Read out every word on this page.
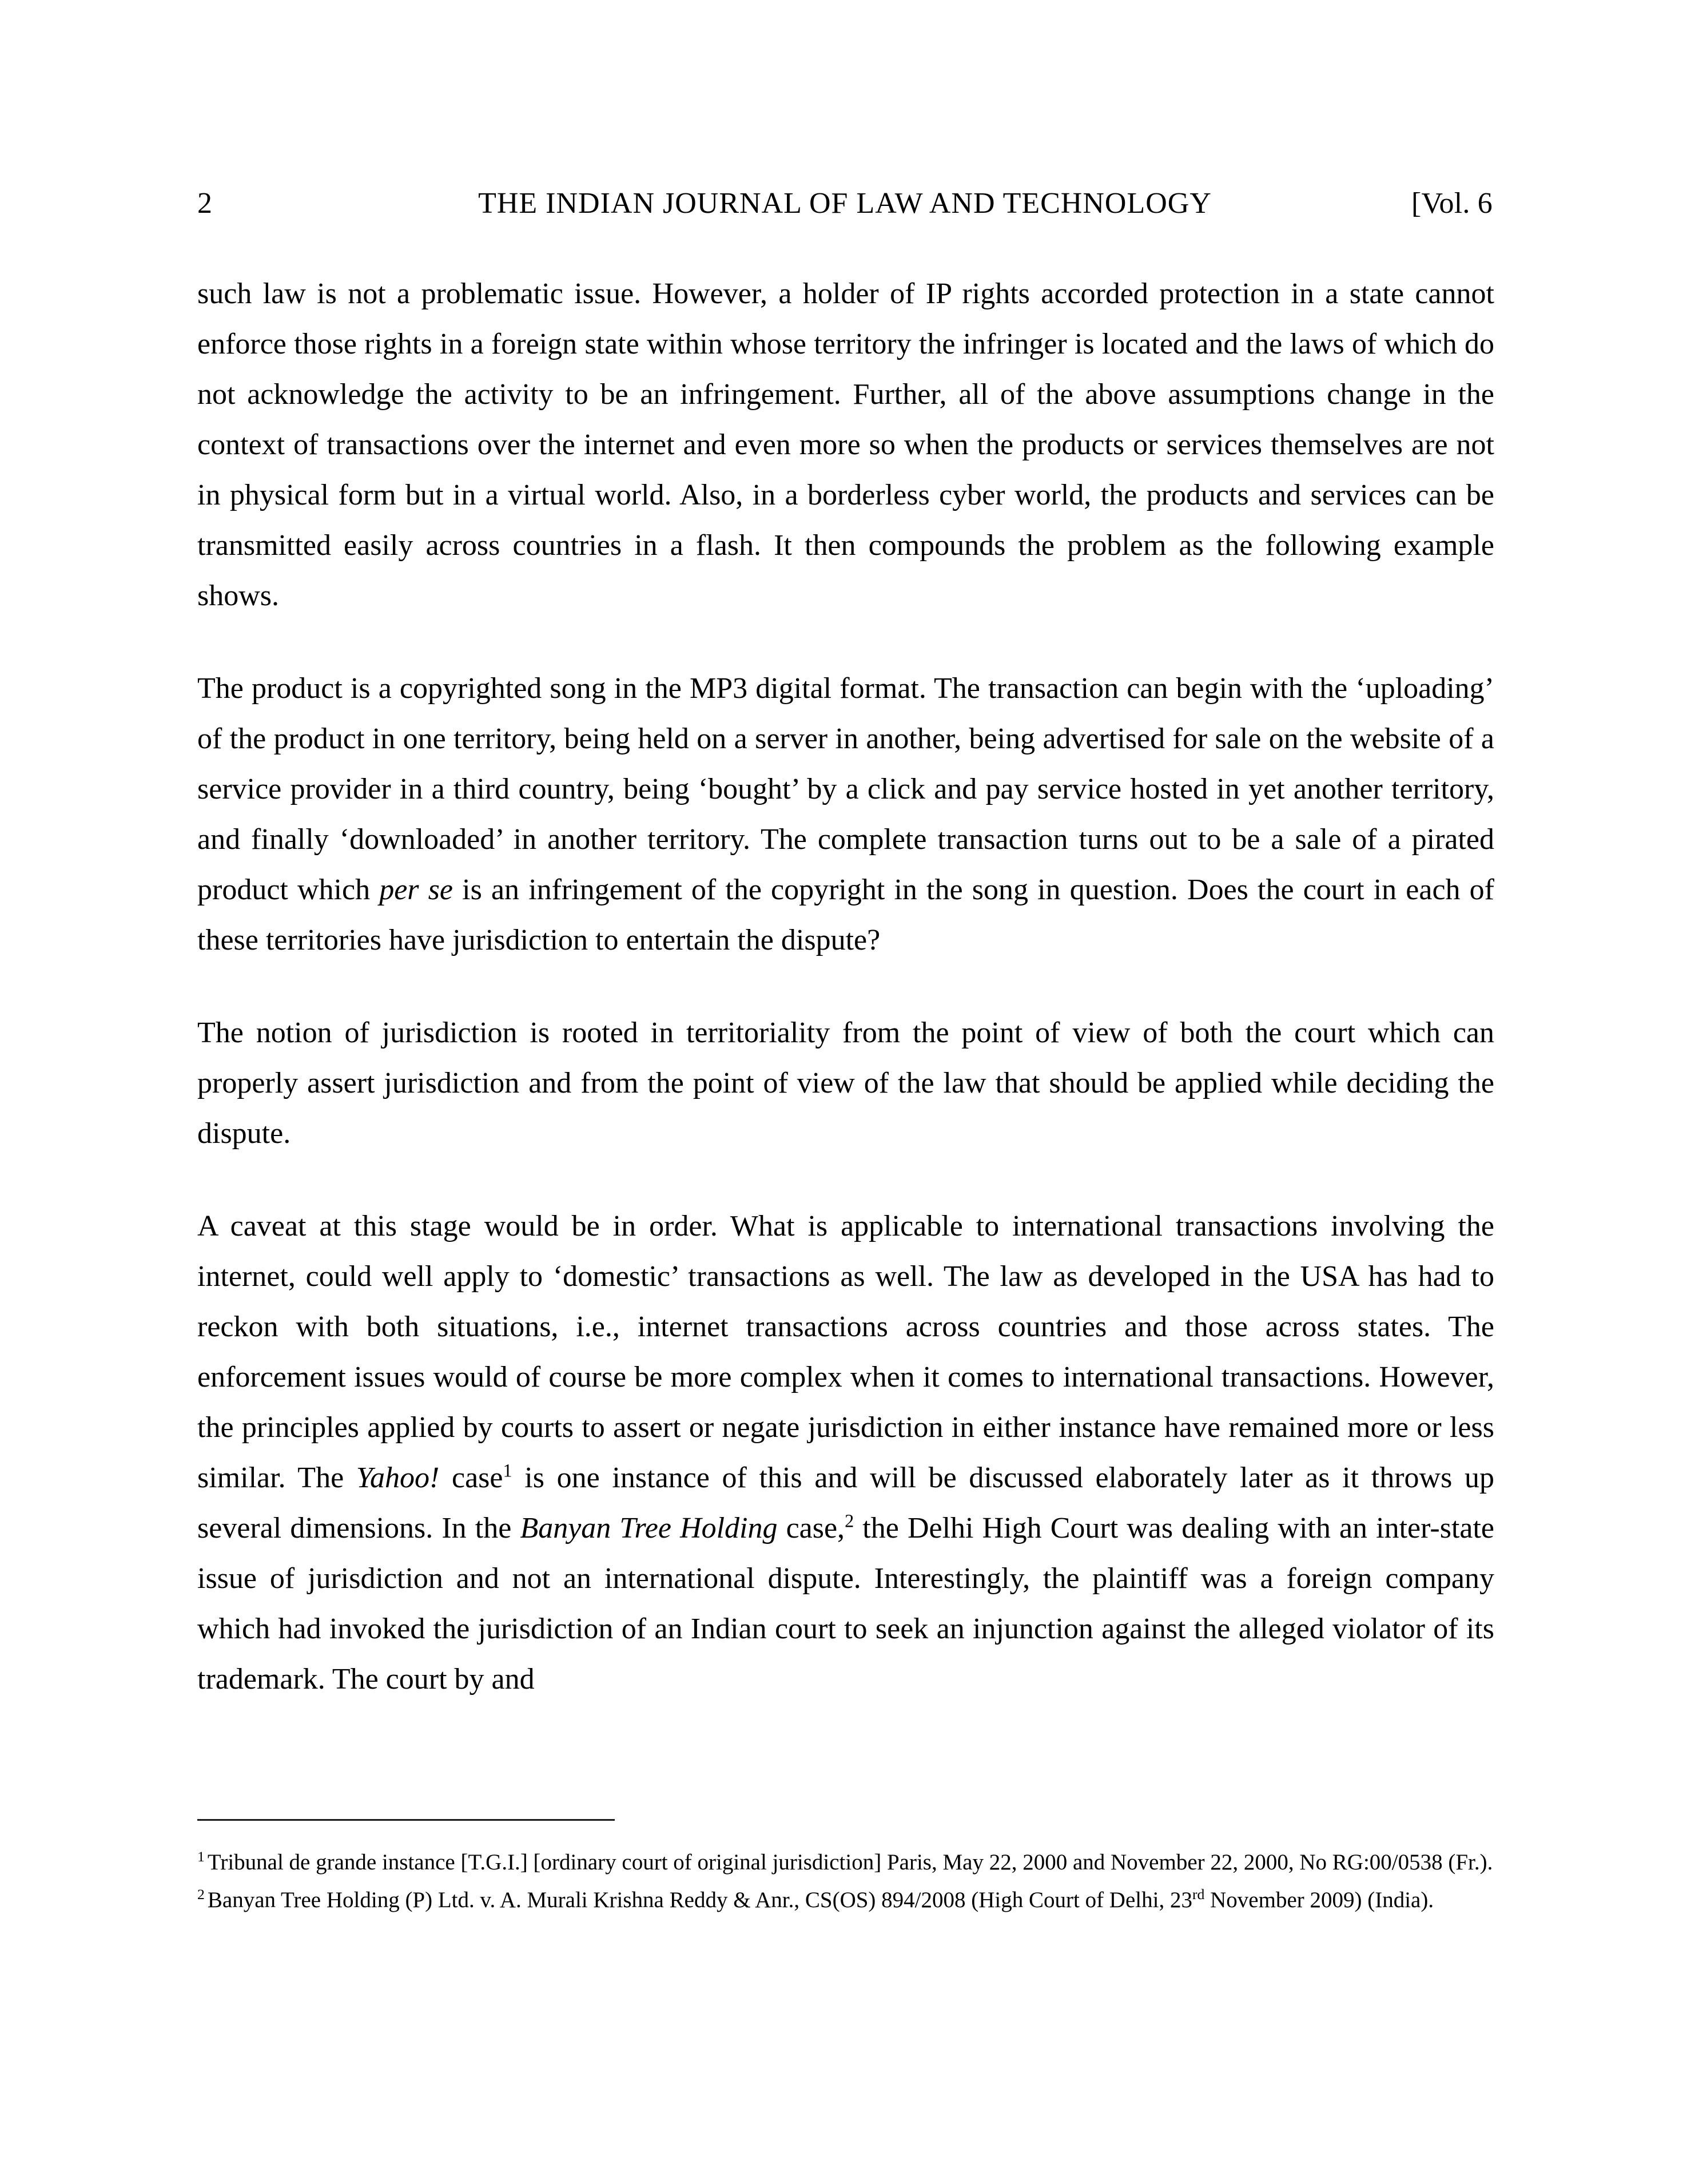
2	THE INDIAN JOURNAL OF LAW AND TECHNOLOGY	[Vol. 6

such law is not a problematic issue. However, a holder of IP rights accorded protection in a state cannot enforce those rights in a foreign state within whose territory the infringer is located and the laws of which do not acknowledge the activity to be an infringement. Further, all of the above assumptions change in the context of transactions over the internet and even more so when the products or services themselves are not in physical form but in a virtual world. Also, in a borderless cyber world, the products and services can be transmitted easily across countries in a flash. It then compounds the problem as the following example shows.

The product is a copyrighted song in the MP3 digital format. The transaction can begin with the ‘uploading’ of the product in one territory, being held on a server in another, being advertised for sale on the website of a service provider in a third country, being ‘bought’ by a click and pay service hosted in yet another territory, and finally ‘downloaded’ in another territory. The complete transaction turns out to be a sale of a pirated product which per se is an infringement of the copyright in the song in question. Does the court in each of these territories have jurisdiction to entertain the dispute?

The notion of jurisdiction is rooted in territoriality from the point of view of both the court which can properly assert jurisdiction and from the point of view of the law that should be applied while deciding the dispute.

A caveat at this stage would be in order. What is applicable to international transactions involving the internet, could well apply to ‘domestic’ transactions as well. The law as developed in the USA has had to reckon with both situations, i.e., internet transactions across countries and those across states. The enforcement issues would of course be more complex when it comes to international transactions. However, the principles applied by courts to assert or negate jurisdiction in either instance have remained more or less similar. The Yahoo! case$^1$ is one instance of this and will be discussed elaborately later as it throws up several dimensions. In the Banyan Tree Holding case,$^2$ the Delhi High Court was dealing with an inter-state issue of jurisdiction and not an international dispute. Interestingly, the plaintiff was a foreign company which had invoked the jurisdiction of an Indian court to seek an injunction against the alleged violator of its trademark. The court by and

$^1$ Tribunal de grande instance [T.G.I.] [ordinary court of original jurisdiction] Paris, May 22, 2000 and November 22, 2000, No RG:00/0538 (Fr.).

$^2$ Banyan Tree Holding (P) Ltd. v. A. Murali Krishna Reddy & Anr., CS(OS) 894/2008 (High Court of Delhi, 23rd November 2009) (India).
